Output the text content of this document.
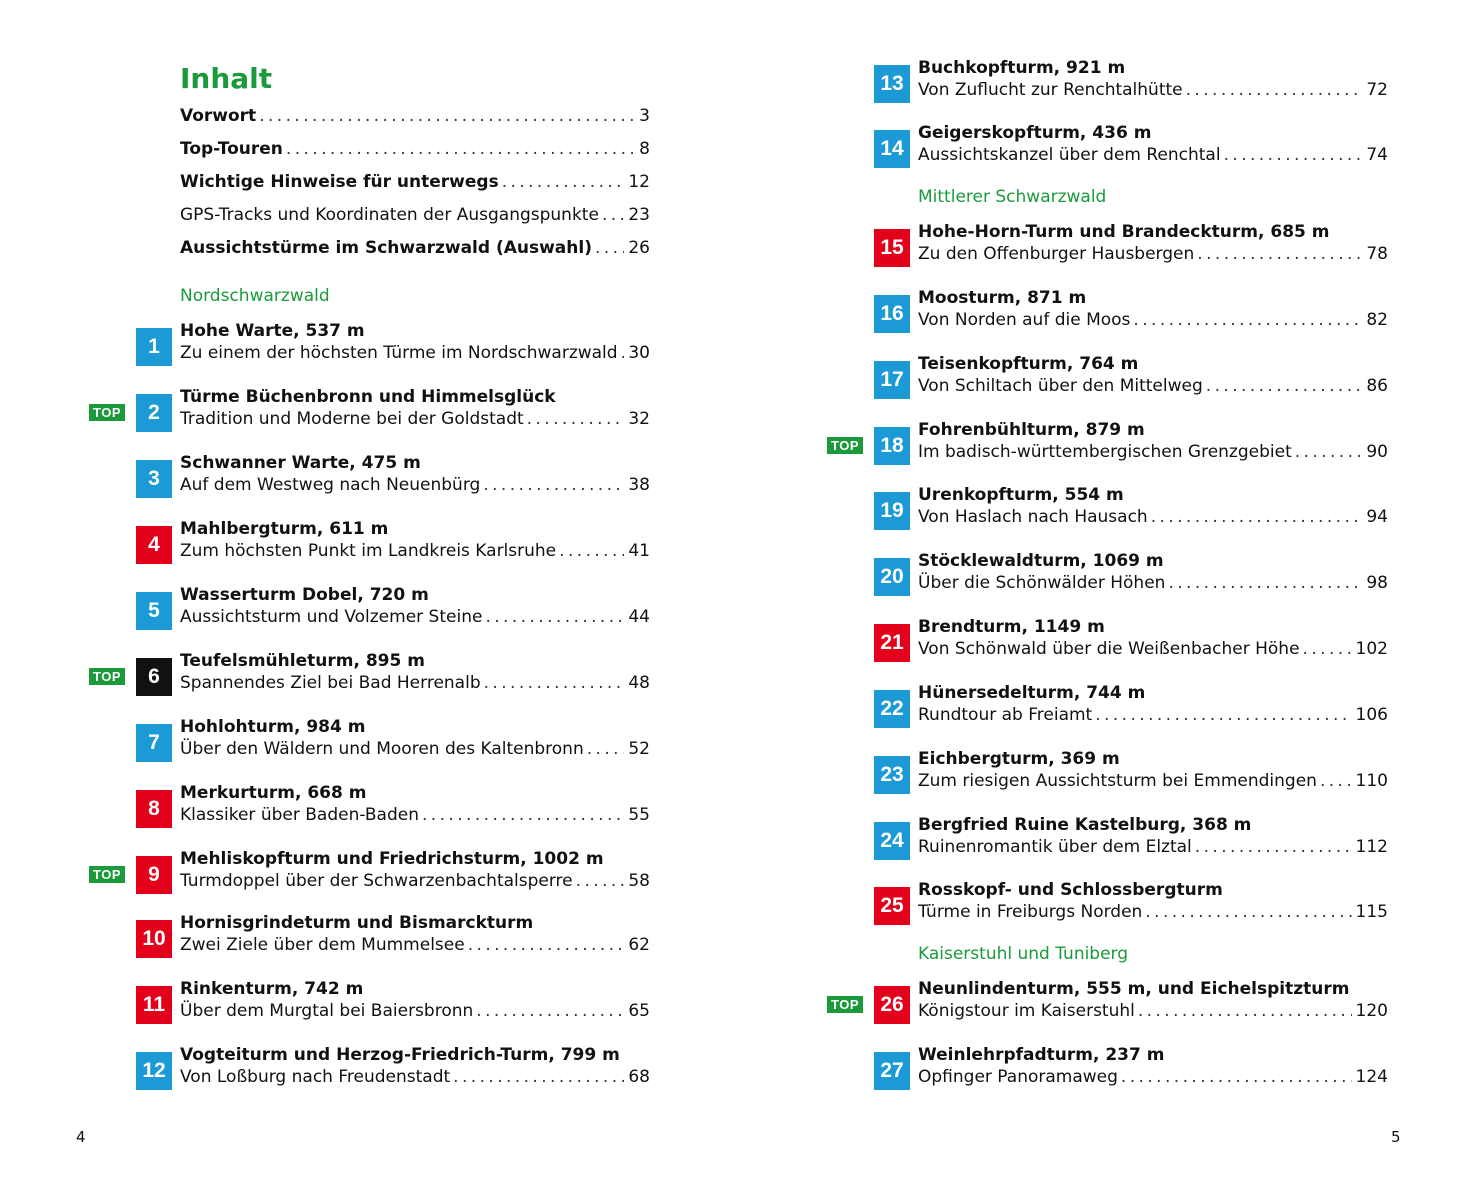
Inhalt
Vorwort . . .	3
Top-Touren . . .	8
Wichtige Hinweise für unterwegs . . .	12
GPS-Tracks und Koordinaten der Ausgangspunkte . . . 23
Aussichtstürme im Schwarzwald (Auswahl) . . . 26
Nordschwarzwald
1
Hohe Warte, 537 m
Zu einem der höchsten Türme im Nordschwarzwald . . . 30
TOP	2
Türme Büchenbronn und Himmelsglück
Tradition und Moderne bei der Goldstadt . . .	32
3
Schwanner Warte, 475 m
Auf dem Westweg nach Neuenbürg . . .	38
4
Mahlbergturm, 611 m
Zum höchsten Punkt im Landkreis Karlsruhe . . .	41
5
Wasserturm Dobel, 720 m
Aussichtsturm und Volzemer Steine . . .	44
TOP	6
Teufelsmühleturm, 895 m
Spannendes Ziel bei Bad Herrenalb . . .	48
7
Hohlohturm, 984 m
Über den Wäldern und Mooren des Kaltenbronn . . .	52
8
Merkurturm, 668 m
Klassiker über Baden-Baden . . .	55
TOP	9
Mehliskopfturm und Friedrichsturm, 1002 m
Turmdoppel über der Schwarzenbachtalsperre . . .	58
10
Hornisgrindeturm und Bismarckturm
Zwei Ziele über dem Mummelsee . . .	62
11
Rinkenturm, 742 m
Über dem Murgtal bei Baiersbronn . . .	65
12
Vogteiturm und Herzog-Friedrich-Turm, 799 m
Von Loßburg nach Freudenstadt . . .	68
4
Mittlerer Schwarzwald
Kaiserstuhl und Tuniberg
13
Buchkopfturm, 921 m
Von Zuflucht zur Renchtalhütte . . .	72
14
Geigerskopfturm, 436 m
Aussichtskanzel über dem Renchtal . . .	74
15
Hohe-Horn-Turm und Brandeckturm, 685 m
Zu den Offenburger Hausbergen . . .	78
16
Moosturm, 871 m
Von Norden auf die Moos . . .	82
17
Teisenkopfturm, 764 m
Von Schiltach über den Mittelweg . . .	86
TOP	18
Fohrenbühlturm, 879 m
Im badisch-württembergischen Grenzgebiet . . .	90
19
Urenkopfturm, 554 m
Von Haslach nach Hausach . . .	94
20
Stöcklewaldturm, 1069 m
Über die Schönwälder Höhen . . .	98
21
Brendturm, 1149 m
Von Schönwald über die Weißenbacher Höhe . . .	102
22
Hünersedelturm, 744 m
Rundtour ab Freiamt . . .	106
23
Eichbergturm, 369 m
Zum riesigen Aussichtsturm bei Emmendingen . . . 110
24
Bergfried Ruine Kastelburg, 368 m
Ruinenromantik über dem Elztal . . .	112
25
Rosskopf- und Schlossbergturm
Türme in Freiburgs Norden . . .	115
TOP	26
Neunlindenturm, 555 m, und Eichelspitzturm
Königstour im Kaiserstuhl . . .	120
27
Weinlehrpfadturm, 237 m
Opfinger Panoramaweg . . .	124
5
